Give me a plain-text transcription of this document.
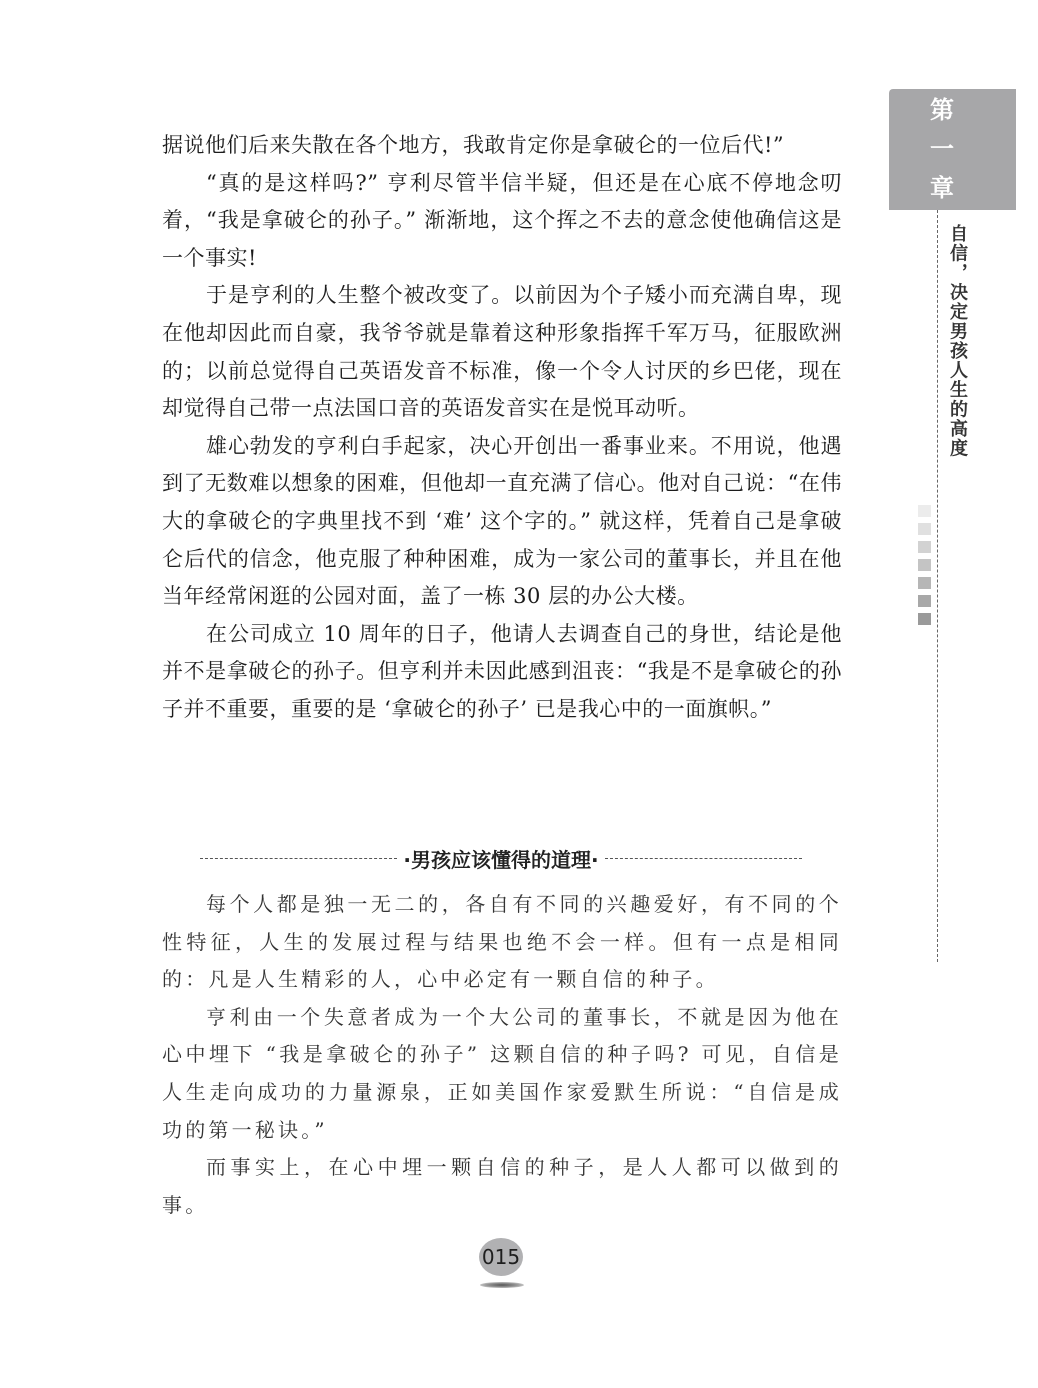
第
一
章
自信，决定男孩人生的高度

据说他们后来失散在各个地方，我敢肯定你是拿破仑的一位后代!”

“真的是这样吗?” 亨利尽管半信半疑，但还是在心底不停地念叨着，“我是拿破仑的孙子。” 渐渐地，这个挥之不去的意念使他确信这是一个事实!

于是亨利的人生整个被改变了。以前因为个子矮小而充满自卑，现在他却因此而自豪，我爷爷就是靠着这种形象指挥千军万马，征服欧洲的；以前总觉得自己英语发音不标准，像一个令人讨厌的乡巴佬，现在却觉得自己带一点法国口音的英语发音实在是悦耳动听。

雄心勃发的亨利白手起家，决心开创出一番事业来。不用说，他遇到了无数难以想象的困难，但他却一直充满了信心。他对自己说：“在伟大的拿破仑的字典里找不到 ‘难’ 这个字的。” 就这样，凭着自己是拿破仑后代的信念，他克服了种种困难，成为一家公司的董事长，并且在他当年经常闲逛的公园对面，盖了一栋 30 层的办公大楼。

在公司成立 10 周年的日子，他请人去调查自己的身世，结论是他并不是拿破仑的孙子。但亨利并未因此感到沮丧：“我是不是拿破仑的孙子并不重要，重要的是 ‘拿破仑的孙子’ 已是我心中的一面旗帜。”

·男孩应该懂得的道理·

每个人都是独一无二的，各自有不同的兴趣爱好，有不同的个性特征，人生的发展过程与结果也绝不会一样。但有一点是相同的：凡是人生精彩的人，心中必定有一颗自信的种子。

亨利由一个失意者成为一个大公司的董事长，不就是因为他在心中埋下 “我是拿破仑的孙子” 这颗自信的种子吗? 可见，自信是人生走向成功的力量源泉，正如美国作家爱默生所说：“自信是成功的第一秘诀。”

而事实上，在心中埋一颗自信的种子，是人人都可以做到的事。

015
